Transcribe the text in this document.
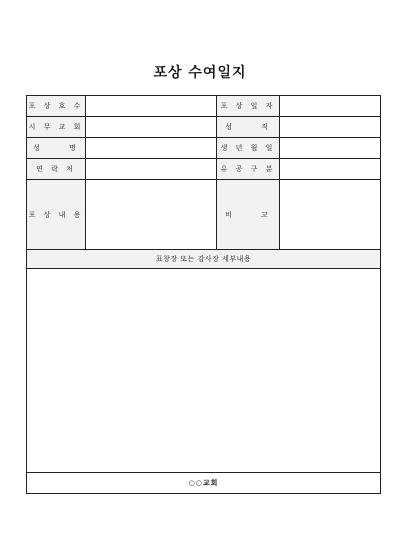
포상 수여일지
포 상 호 수		포 상 일 자	
시 무 교 회		성     직	
성     명		생 년 월 일	
연 락 처		유 공 구 분	
포 상 내 용		비     고	
표창장 또는 감사장 세부내용			

○○교회			
